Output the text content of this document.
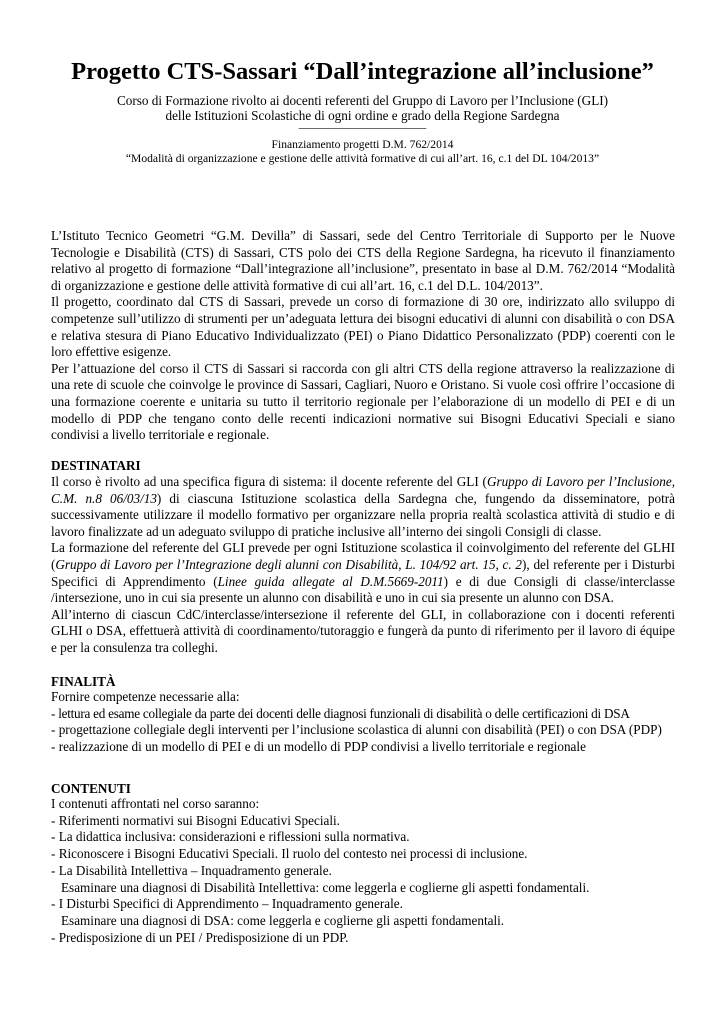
Progetto CTS-Sassari “Dall’integrazione all’inclusione”
Corso di Formazione rivolto ai docenti referenti del Gruppo di Lavoro per l’Inclusione (GLI)
delle Istituzioni Scolastiche di ogni ordine e grado della Regione Sardegna
———————————
Finanziamento progetti D.M. 762/2014
“Modalità di organizzazione e gestione delle attività formative di cui all’art. 16, c.1 del DL 104/2013”

L’Istituto Tecnico Geometri “G.M. Devilla” di Sassari, sede del Centro Territoriale di Supporto per le Nuove Tecnologie e Disabilità (CTS) di Sassari, CTS polo dei CTS della Regione Sardegna, ha ricevuto il finanziamento relativo al progetto di formazione “Dall’integrazione all’inclusione”, presentato in base al D.M. 762/2014 “Modalità di organizzazione e gestione delle attività formative di cui all’art. 16, c.1 del D.L. 104/2013”.

Il progetto, coordinato dal CTS di Sassari, prevede un corso di formazione di 30 ore, indirizzato allo sviluppo di competenze sull’utilizzo di strumenti per un’adeguata lettura dei bisogni educativi di alunni con disabilità o con DSA e relativa stesura di Piano Educativo Individualizzato (PEI) o Piano Didattico Personalizzato (PDP) coerenti con le loro effettive esigenze.

Per l’attuazione del corso il CTS di Sassari si raccorda con gli altri CTS della regione attraverso la realizzazione di una rete di scuole che coinvolge le province di Sassari, Cagliari, Nuoro e Oristano. Si vuole così offrire l’occasione di una formazione coerente e unitaria su tutto il territorio regionale per l’elaborazione di un modello di PEI e di un modello di PDP che tengano conto delle recenti indicazioni normative sui Bisogni Educativi Speciali e siano condivisi a livello territoriale e regionale.

DESTINATARI

Il corso è rivolto ad una specifica figura di sistema: il docente referente del GLI (Gruppo di Lavoro per l’Inclusione, C.M. n.8 06/03/13) di ciascuna Istituzione scolastica della Sardegna che, fungendo da disseminatore, potrà successivamente utilizzare il modello formativo per organizzare nella propria realtà scolastica attività di studio e di lavoro finalizzate ad un adeguato sviluppo di pratiche inclusive all’interno dei singoli Consigli di classe.

La formazione del referente del GLI prevede per ogni Istituzione scolastica il coinvolgimento del referente del GLHI (Gruppo di Lavoro per l’Integrazione degli alunni con Disabilità, L. 104/92 art. 15, c. 2), del referente per i Disturbi Specifici di Apprendimento (Linee guida allegate al D.M.5669-2011) e di due Consigli di classe/interclasse /intersezione, uno in cui sia presente un alunno con disabilità e uno in cui sia presente un alunno con DSA.

All’interno di ciascun CdC/interclasse/intersezione il referente del GLI, in collaborazione con i docenti referenti GLHI o DSA, effettuerà attività di coordinamento/tutoraggio e fungerà da punto di riferimento per il lavoro di équipe e per la consulenza tra colleghi.

FINALITÀ
Fornire competenze necessarie alla:
- lettura ed esame collegiale da parte dei docenti delle diagnosi funzionali di disabilità o delle certificazioni di DSA
- progettazione collegiale degli interventi per l’inclusione scolastica di alunni con disabilità (PEI) o con DSA (PDP)
- realizzazione di un modello di PEI e di un modello di PDP condivisi a livello territoriale e regionale
CONTENUTI
I contenuti affrontati nel corso saranno:
- Riferimenti normativi sui Bisogni Educativi Speciali.
- La didattica inclusiva: considerazioni e riflessioni sulla normativa.
- Riconoscere i Bisogni Educativi Speciali. Il ruolo del contesto nei processi di inclusione.
- La Disabilità Intellettiva – Inquadramento generale.
Esaminare una diagnosi di Disabilità Intellettiva: come leggerla e coglierne gli aspetti fondamentali.
- I Disturbi Specifici di Apprendimento – Inquadramento generale.
Esaminare una diagnosi di DSA: come leggerla e coglierne gli aspetti fondamentali.
- Predisposizione di un PEI / Predisposizione di un PDP.
